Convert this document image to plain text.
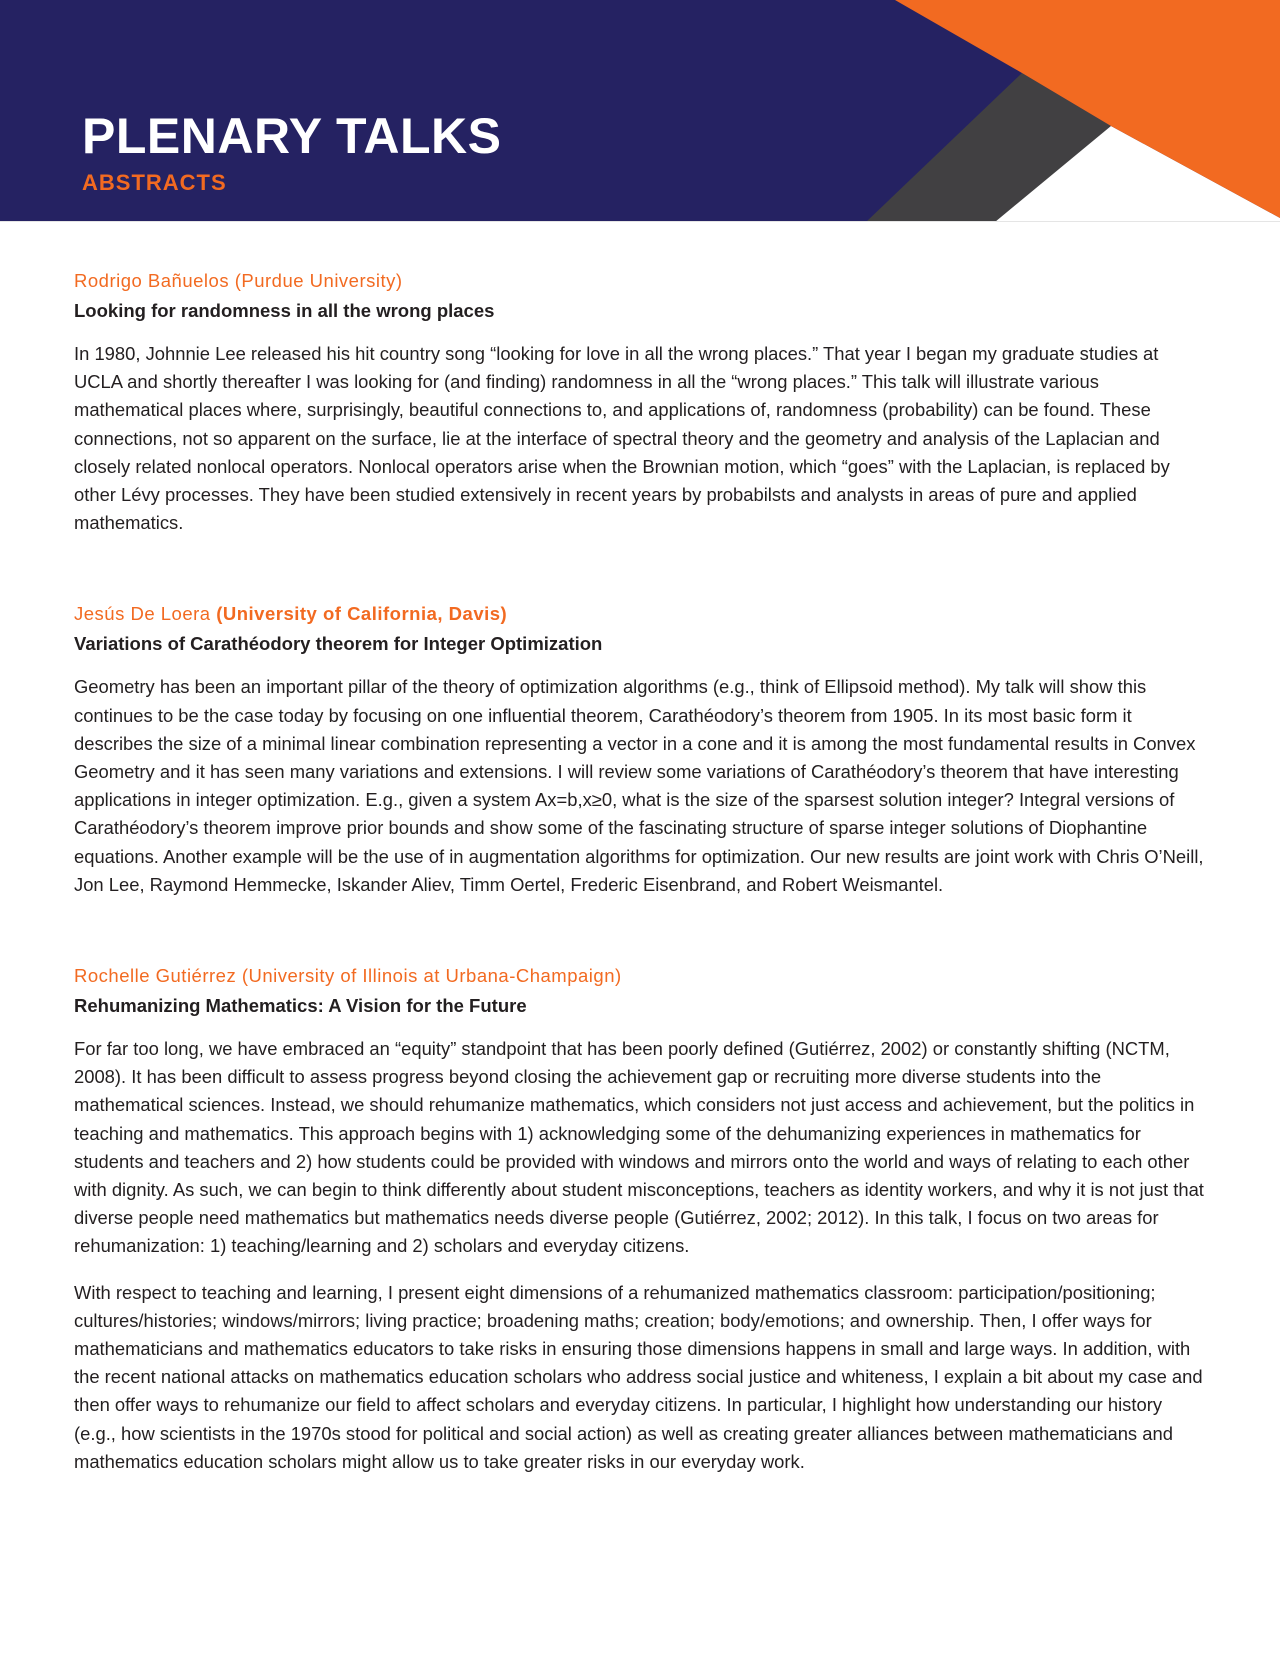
PLENARY TALKS

ABSTRACTS

Rodrigo Bañuelos (Purdue University)

Looking for randomness in all the wrong places

In 1980, Johnnie Lee released his hit country song “looking for love in all the wrong places.” That year I began my graduate studies at UCLA and shortly thereafter I was looking for (and finding) randomness in all the “wrong places.” This talk will illustrate various mathematical places where, surprisingly, beautiful connections to, and applications of, randomness (probability) can be found. These connections, not so apparent on the surface, lie at the interface of spectral theory and the geometry and analysis of the Laplacian and closely related nonlocal operators. Nonlocal operators arise when the Brownian motion, which “goes” with the Laplacian, is replaced by other Lévy processes. They have been studied extensively in recent years by probabilsts and analysts in areas of pure and applied mathematics.

Jesús De Loera (University of California, Davis)

Variations of Carathéodory theorem for Integer Optimization

Geometry has been an important pillar of the theory of optimization algorithms (e.g., think of Ellipsoid method). My talk will show this continues to be the case today by focusing on one influential theorem, Carathéodory’s theorem from 1905. In its most basic form it describes the size of a minimal linear combination representing a vector in a cone and it is among the most fundamental results in Convex Geometry and it has seen many variations and extensions. I will review some variations of Carathéodory’s theorem that have interesting applications in integer optimization. E.g., given a system Ax=b,x≥0, what is the size of the sparsest solution integer? Integral versions of Carathéodory’s theorem improve prior bounds and show some of the fascinating structure of sparse integer solutions of Diophantine equations. Another example will be the use of in augmentation algorithms for optimization. Our new results are joint work with Chris O’Neill, Jon Lee, Raymond Hemmecke, Iskander Aliev, Timm Oertel, Frederic Eisenbrand, and Robert Weismantel.

Rochelle Gutiérrez (University of Illinois at Urbana-Champaign)

Rehumanizing Mathematics: A Vision for the Future

For far too long, we have embraced an “equity” standpoint that has been poorly defined (Gutiérrez, 2002) or constantly shifting (NCTM, 2008). It has been difficult to assess progress beyond closing the achievement gap or recruiting more diverse students into the mathematical sciences. Instead, we should rehumanize mathematics, which considers not just access and achievement, but the politics in teaching and mathematics. This approach begins with 1) acknowledging some of the dehumanizing experiences in mathematics for students and teachers and 2) how students could be provided with windows and mirrors onto the world and ways of relating to each other with dignity. As such, we can begin to think differently about student misconceptions, teachers as identity workers, and why it is not just that diverse people need mathematics but mathematics needs diverse people (Gutiérrez, 2002; 2012). In this talk, I focus on two areas for rehumanization: 1) teaching/learning and 2) scholars and everyday citizens.

With respect to teaching and learning, I present eight dimensions of a rehumanized mathematics classroom: participation/positioning; cultures/histories; windows/mirrors; living practice; broadening maths; creation; body/emotions; and ownership. Then, I offer ways for mathematicians and mathematics educators to take risks in ensuring those dimensions happens in small and large ways. In addition, with the recent national attacks on mathematics education scholars who address social justice and whiteness, I explain a bit about my case and then offer ways to rehumanize our field to affect scholars and everyday citizens. In particular, I highlight how understanding our history (e.g., how scientists in the 1970s stood for political and social action) as well as creating greater alliances between mathematicians and mathematics education scholars might allow us to take greater risks in our everyday work.
